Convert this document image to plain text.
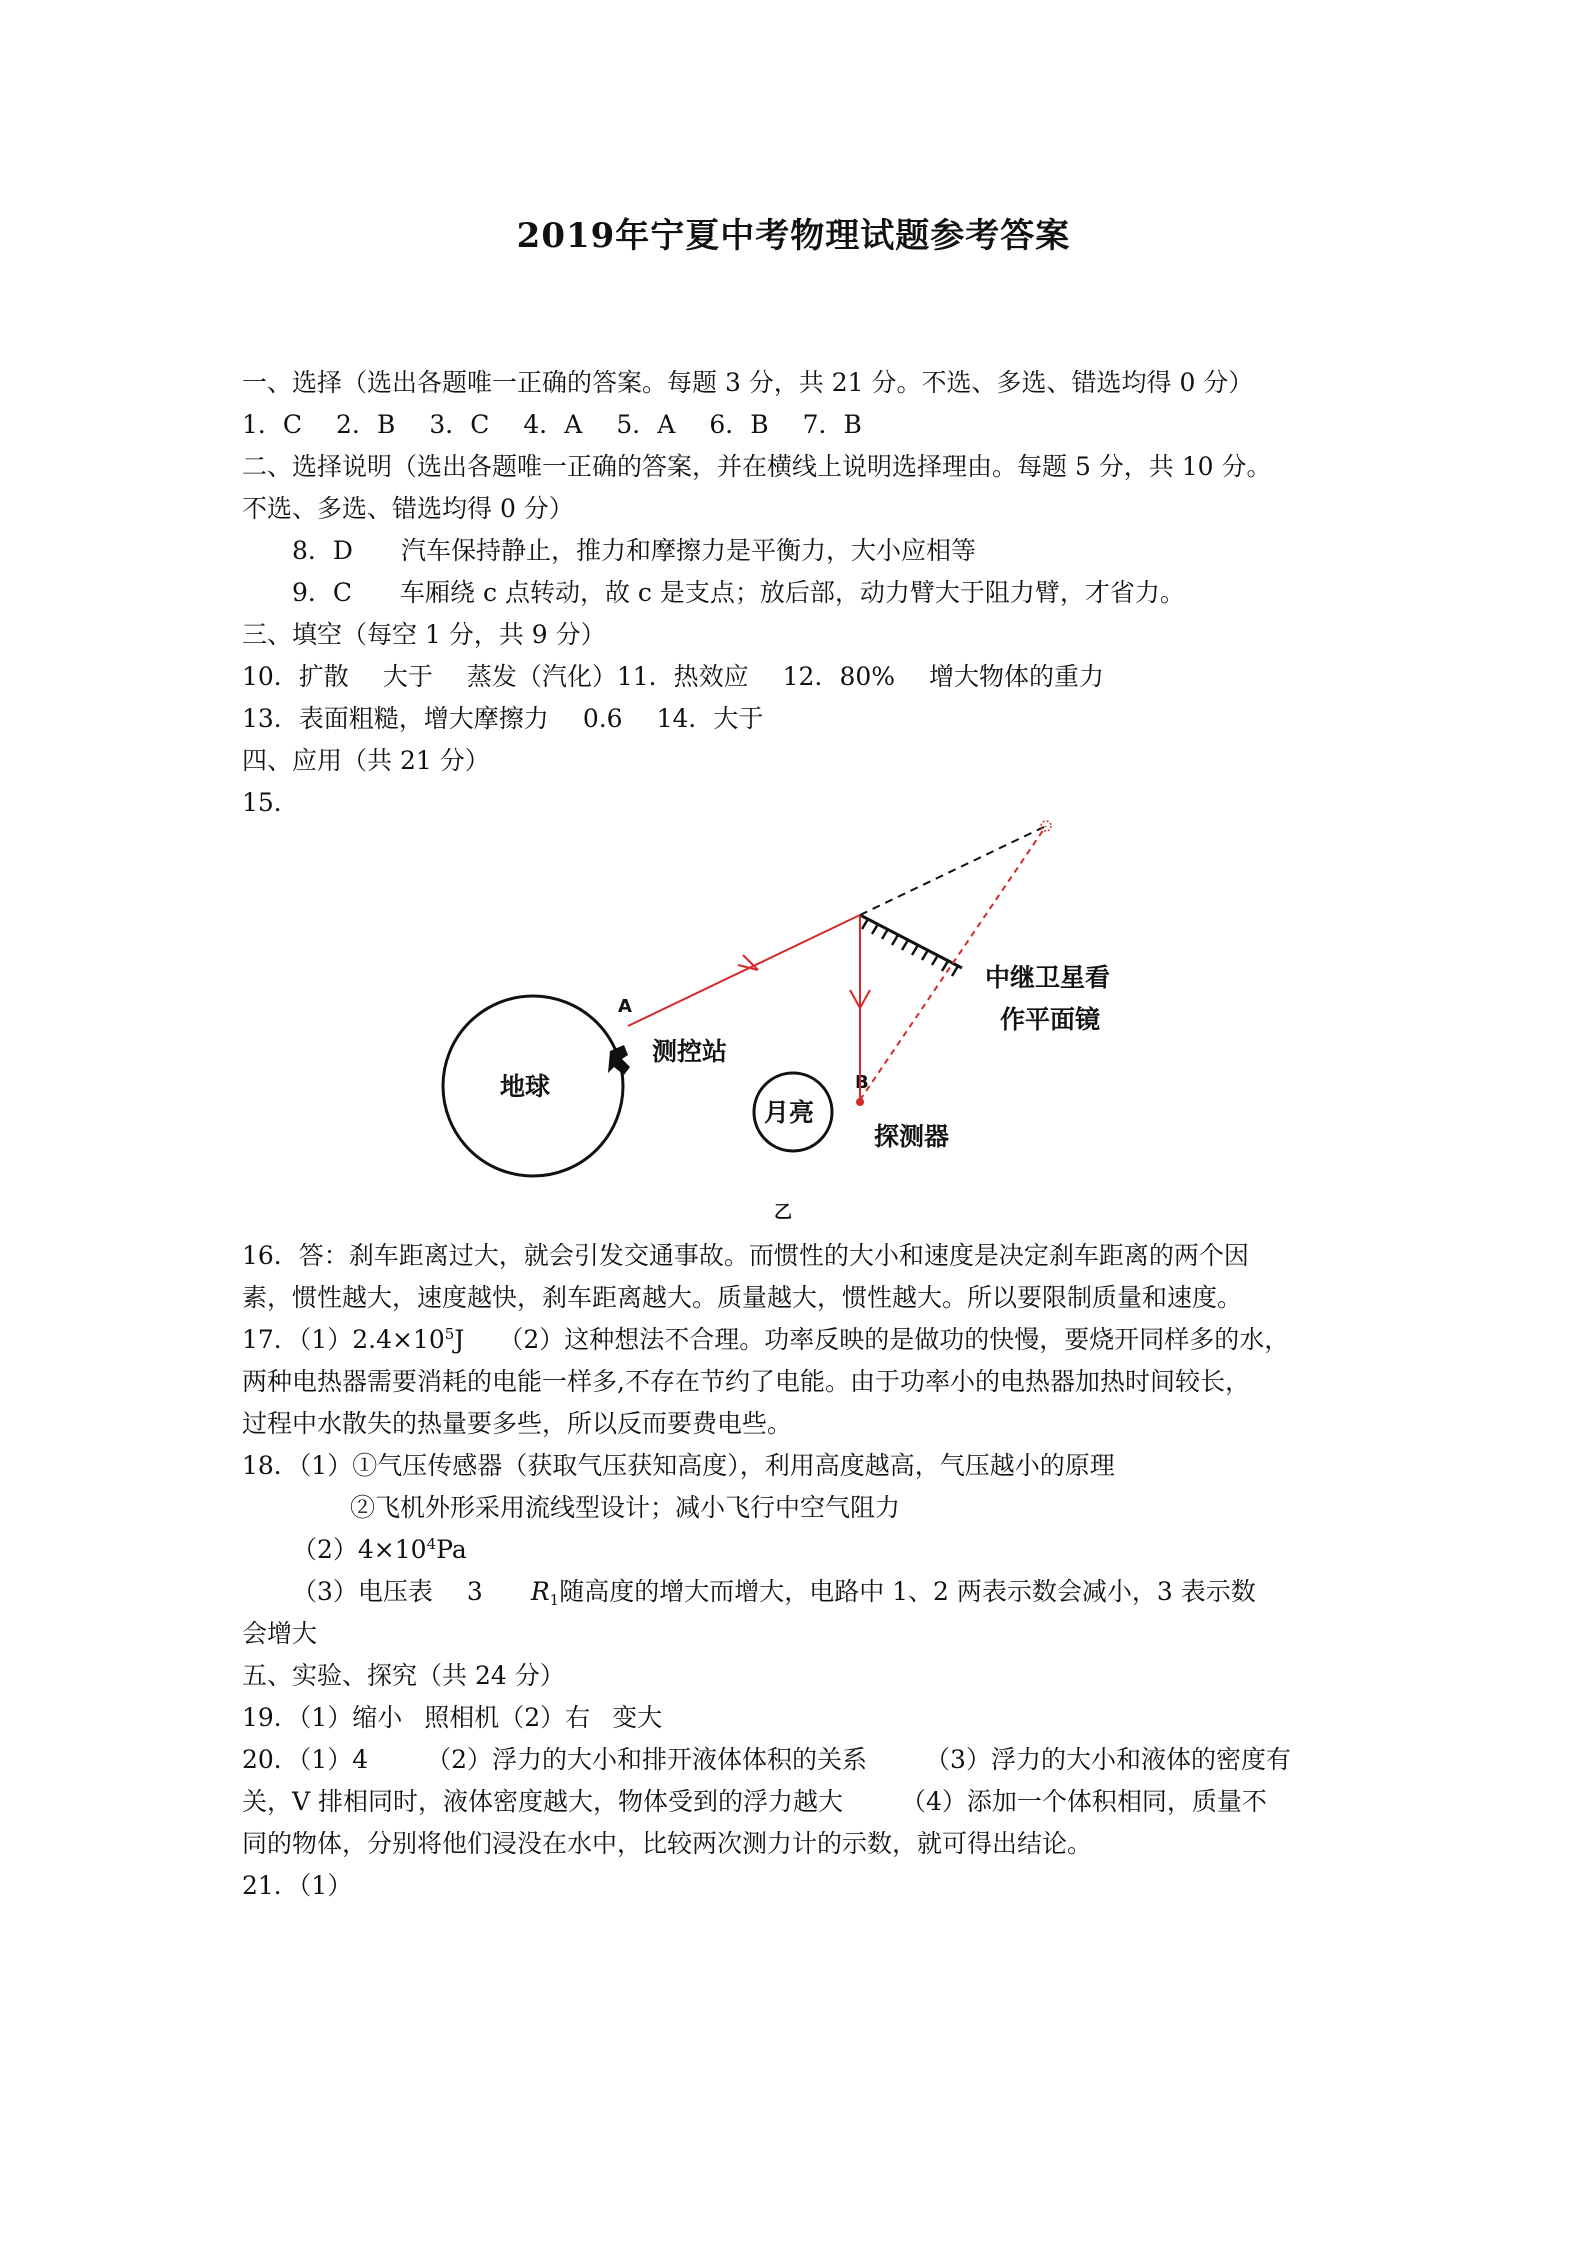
2019年宁夏中考物理试题参考答案
一、选择（选出各题唯一正确的答案。每题 3 分，共 21 分。不选、多选、错选均得 0 分）
1．C 2．B 3．C 4．A 5．A 6．B 7．B
二、选择说明（选出各题唯一正确的答案，并在横线上说明选择理由。每题 5 分，共 10 分。
不选、多选、错选均得 0 分）
8．D 汽车保持静止，推力和摩擦力是平衡力，大小应相等
9．C 车厢绕 c 点转动，故 c 是支点；放后部，动力臂大于阻力臂，才省力。
三、填空（每空 1 分，共 9 分）
10．扩散 大于 蒸发（汽化）11．热效应 12．80% 增大物体的重力
13．表面粗糙，增大摩擦力 0.6 14．大于
四、应用（共 21 分）
15．
地球
A
测控站
月亮
B
探测器
中继卫星看
作平面镜
乙
16．答：刹车距离过大，就会引发交通事故。而惯性的大小和速度是决定刹车距离的两个因
素，惯性越大，速度越快，刹车距离越大。质量越大，惯性越大。所以要限制质量和速度。
17．$(1)2.4\times 10^5J$ （2）这种想法不合理。功率反映的是做功的快慢，要烧开同样多的水，
两种电热器需要消耗的电能一样多,不存在节约了电能。由于功率小的电热器加热时间较长，
过程中水散失的热量要多些，所以反而要费电些。
18．（1）①气压传感器（获取气压获知高度），利用高度越高，气压越小的原理
②飞机外形采用流线型设计；减小飞行中空气阻力
$(2)4\times 10^4Pa$
（3）电压表 3 $R_1$随高度的增大而增大，电路中 1、2 两表示数会减小，3 表示数
会增大
五、实验、探究（共 24 分）
19．（1）缩小 照相机（2）右 变大
20．（1）4 （2）浮力的大小和排开液体体积的关系 （3）浮力的大小和液体的密度有
关，V 排相同时，液体密度越大，物体受到的浮力越大 （4）添加一个体积相同，质量不
同的物体，分别将他们浸没在水中，比较两次测力计的示数，就可得出结论。
21．（1）
